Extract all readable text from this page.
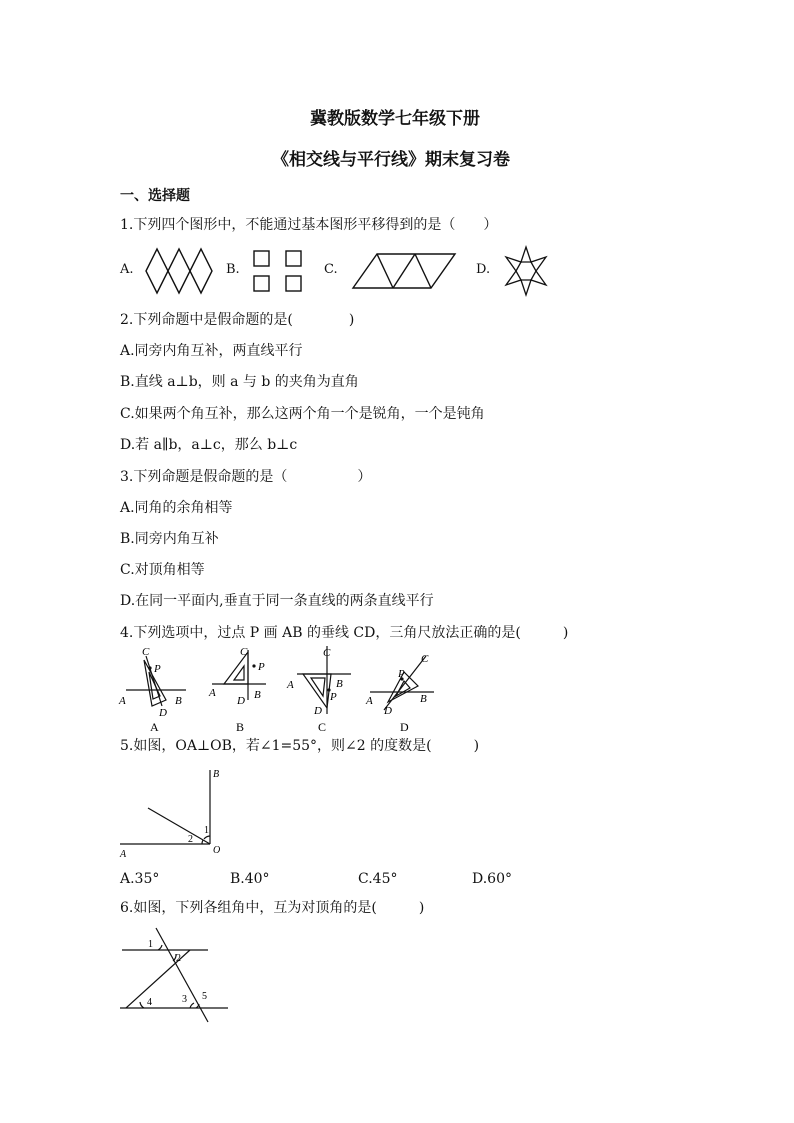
冀教版数学七年级下册
《相交线与平行线》期末复习卷
一、选择题
1.下列四个图形中，不能通过基本图形平移得到的是（　　）
A.	B.	C.	D.
2.下列命题中是假命题的是(　　　　)
A.同旁内角互补，两直线平行
B.直线 a⊥b，则 a 与 b 的夹角为直角
C.如果两个角互补，那么这两个角一个是锐角，一个是钝角
D.若 a∥b，a⊥c，那么 b⊥c
3.下列命题是假命题的是（　　　　　）
A.同角的余角相等
B.同旁内角互补
C.对顶角相等
D.在同一平面内,垂直于同一条直线的两条直线平行
4.下列选项中，过点 P 画 AB 的垂线 CD，三角尺放法正确的是(　　　)
C
P
A	B
D
A
C
P
A	B
D
B
C
A	B
P
D
C
C
P
A	B
D
D
5.如图，OA⊥OB，若∠1=55°，则∠2 的度数是(　　　)
B
1
2
O
A
A.35°	B.40°	C.45°	D.60°
6.如图，下列各组角中，互为对顶角的是(　　　)
1
2
4	3 5
